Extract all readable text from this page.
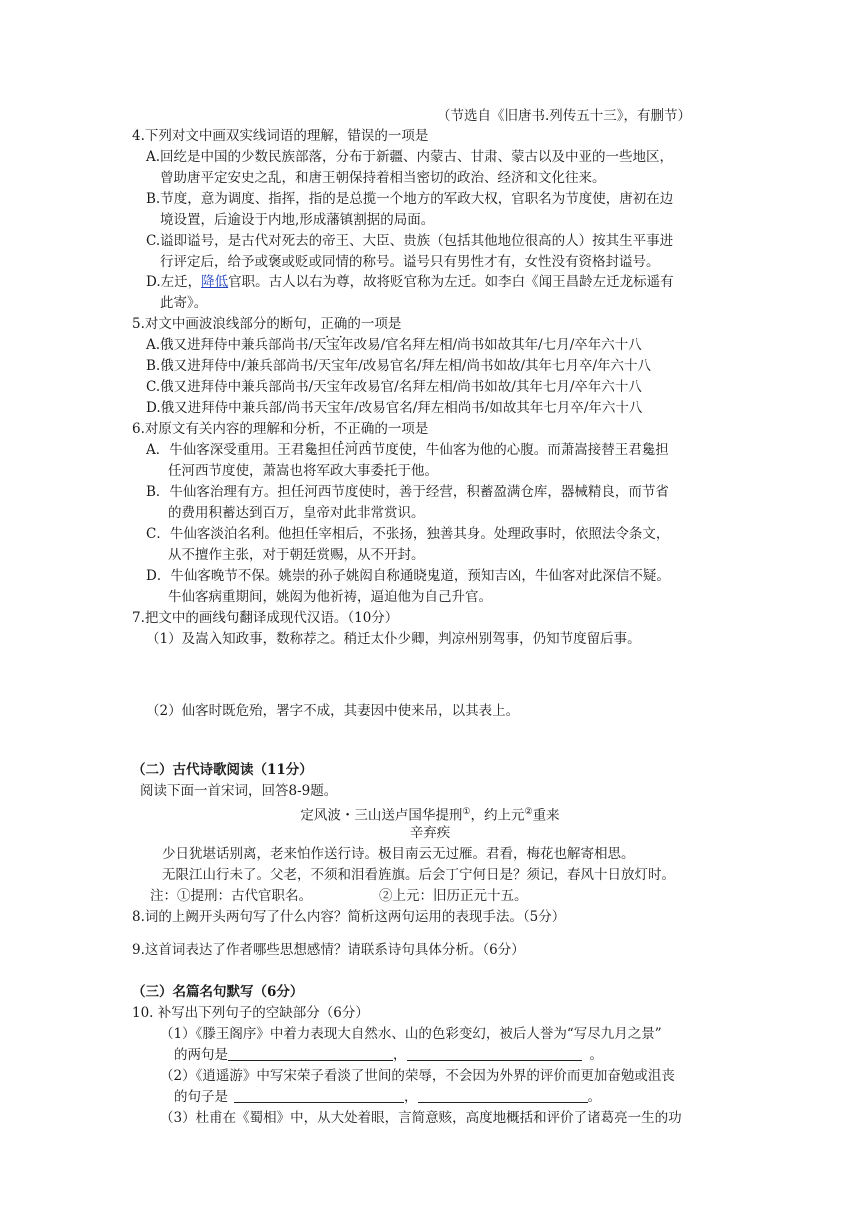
（节选自《旧唐书.列传五十三》，有删节）
4.下列对文中画双实线词语的理解，错误的一项是
A.回纥是中国的少数民族部落，分布于新疆、内蒙古、甘肃、蒙古以及中亚的一些地区，
曾助唐平定安史之乱，和唐王朝保持着相当密切的政治、经济和文化往来。
B.节度，意为调度、指挥，指的是总揽一个地方的军政大权，官职名为节度使，唐初在边
境设置，后逾设于内地,形成藩镇割据的局面。
C.谥即谥号，是古代对死去的帝王、大臣、贵族（包括其他地位很高的人）按其生平事进
行评定后，给予或褒或贬或同情的称号。谥号只有男性才有，女性没有资格封谥号。
D.左迁，降低官职。古人以右为尊，故将贬官称为左迁。如李白《闻王昌龄左迁龙标遥有
此寄》。
5.对文中画波浪线部分的断句，正确的一项是
A.俄又进拜侍中兼兵部尚书/天宝年改易/官名拜左相/尚书如故其年/七月/卒年六十八
B.俄又进拜侍中/兼兵部尚书/天宝年/改易官名/拜左相/尚书如故/其年七月卒/年六十八
C.俄又进拜侍中兼兵部尚书/天宝年改易官/名拜左相/尚书如故/其年七月/卒年六十八
D.俄又进拜侍中兼兵部/尚书天宝年/改易官名/拜左相尚书/如故其年七月卒/年六十八
6.对原文有关内容的理解和分析，不正确的一项是
A．牛仙客深受重用。王君毚担任河西节度使，牛仙客为他的心腹。而萧嵩接替王君毚担
任河西节度使，萧嵩也将军政大事委托于他。
B．牛仙客治理有方。担任河西节度使时，善于经营，积蓄盈满仓库，器械精良，而节省
的费用积蓄达到百万，皇帝对此非常赏识。
C．牛仙客淡泊名利。他担任宰相后，不张扬，独善其身。处理政事时，依照法令条文，
从不擅作主张，对于朝廷赏赐，从不开封。
D．牛仙客晚节不保。姚崇的孙子姚闳自称通晓鬼道，预知吉凶，牛仙客对此深信不疑。
牛仙客病重期间，姚闳为他祈祷，逼迫他为自己升官。
7.把文中的画线句翻译成现代汉语。（10分）
（1）及嵩入知政事，数称荐之。稍迁太仆少卿，判凉州别驾事，仍知节度留后事。
（2）仙客时既危殆，署字不成，其妻因中使来吊，以其表上。
（二）古代诗歌阅读（11分）
阅读下面一首宋词，回答8-9题。
定风波・三山送卢国华提刑①，约上元②重来
辛弃疾
少日犹堪话别离，老来怕作送行诗。极目南云无过雁。君看，梅花也解寄相思。
无限江山行未了。父老，不须和泪看旌旗。后会丁宁何日是？须记，春风十日放灯时。
注：①提刑：古代官职名。	②上元：旧历正元十五。
8.词的上阙开头两句写了什么内容？简析这两句运用的表现手法。（5分）
9.这首词表达了作者哪些思想感情？请联系诗句具体分析。（6分）
（三）名篇名句默写（6分）
10. 补写出下列句子的空缺部分（6分）
（1）《滕王阁序》中着力表现大自然水、山的色彩变幻，被后人誉为“写尽九月之景”
的两句是	，	。
（2）《逍遥游》中写宋荣子看淡了世间的荣辱，不会因为外界的评价而更加奋勉或沮丧
的句子是	，	。
（3）杜甫在《蜀相》中，从大处着眼，言简意赅，高度地概括和评价了诸葛亮一生的功
